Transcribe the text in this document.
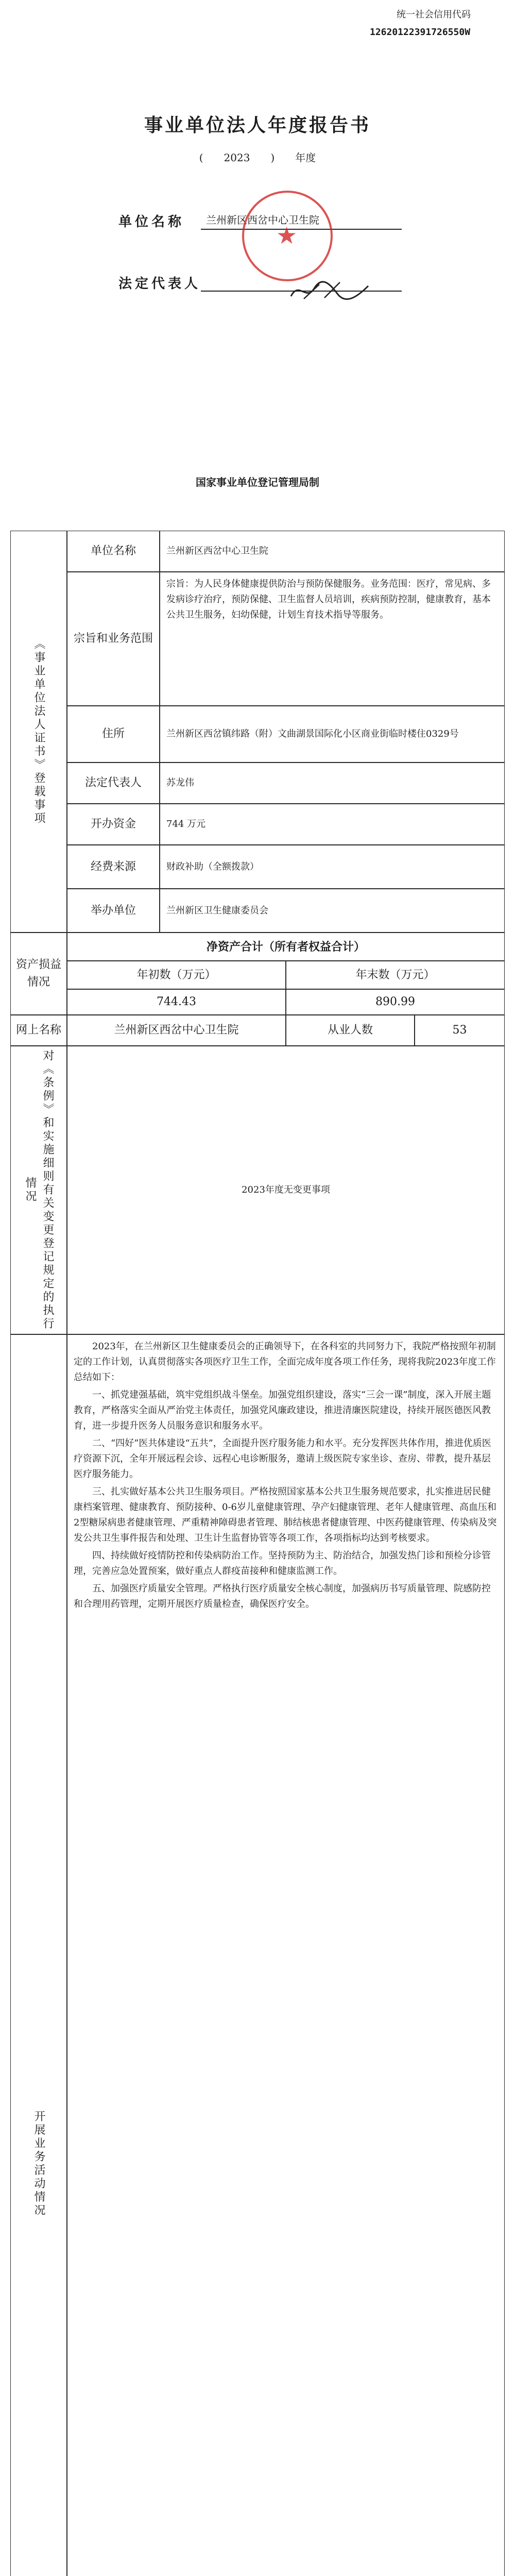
统一社会信用代码
12620122391726550W
事业单位法人年度报告书
( 2023 ) 年度
单位名称	兰州新区西岔中心卫生院
法定代表人
★
国家事业单位登记管理局制
《事业单位法人证书》登载事项
单位名称	兰州新区西岔中心卫生院
宗旨和业务范围
宗旨：为人民身体健康提供防治与预防保健服务。业务范围：医疗，常见病、多发病诊疗治疗，预防保健、卫生监督人员培训，疾病预防控制，健康教育，基本公共卫生服务，妇幼保健，计划生育技术指导等服务。
住所	兰州新区西岔镇纬路（附）文曲湖景国际化小区商业街临时楼住0329号
法定代表人	苏龙伟
开办资金	744 万元
经费来源	财政补助（全额拨款）
举办单位	兰州新区卫生健康委员会
资产损益情况
净资产合计（所有者权益合计）
年初数（万元）	年末数（万元）
744.43	890.99
网上名称	兰州新区西岔中心卫生院	从业人数	53
对《条例》和实施细则有关变更登记规定的执行情况	2023年度无变更事项
开展业务活动情况

2023年，在兰州新区卫生健康委员会的正确领导下，在各科室的共同努力下，我院严格按照年初制定的工作计划，认真贯彻落实各项医疗卫生工作，全面完成年度各项工作任务，现将我院2023年度工作总结如下：

一、抓党建强基础，筑牢党组织战斗堡垒。加强党组织建设，落实“三会一课”制度，深入开展主题教育，严格落实全面从严治党主体责任，加强党风廉政建设，推进清廉医院建设，持续开展医德医风教育，进一步提升医务人员服务意识和服务水平。

二、“四好”医共体建设“五共”，全面提升医疗服务能力和水平。充分发挥医共体作用，推进优质医疗资源下沉，全年开展远程会诊、远程心电诊断服务，邀请上级医院专家坐诊、查房、带教，提升基层医疗服务能力。

三、扎实做好基本公共卫生服务项目。严格按照国家基本公共卫生服务规范要求，扎实推进居民健康档案管理、健康教育、预防接种、0-6岁儿童健康管理、孕产妇健康管理、老年人健康管理、高血压和2型糖尿病患者健康管理、严重精神障碍患者管理、肺结核患者健康管理、中医药健康管理、传染病及突发公共卫生事件报告和处理、卫生计生监督协管等各项工作，各项指标均达到考核要求。

四、持续做好疫情防控和传染病防治工作。坚持预防为主、防治结合，加强发热门诊和预检分诊管理，完善应急处置预案，做好重点人群疫苗接种和健康监测工作。

五、加强医疗质量安全管理。严格执行医疗质量安全核心制度，加强病历书写质量管理、院感防控和合理用药管理，定期开展医疗质量检查，确保医疗安全。
